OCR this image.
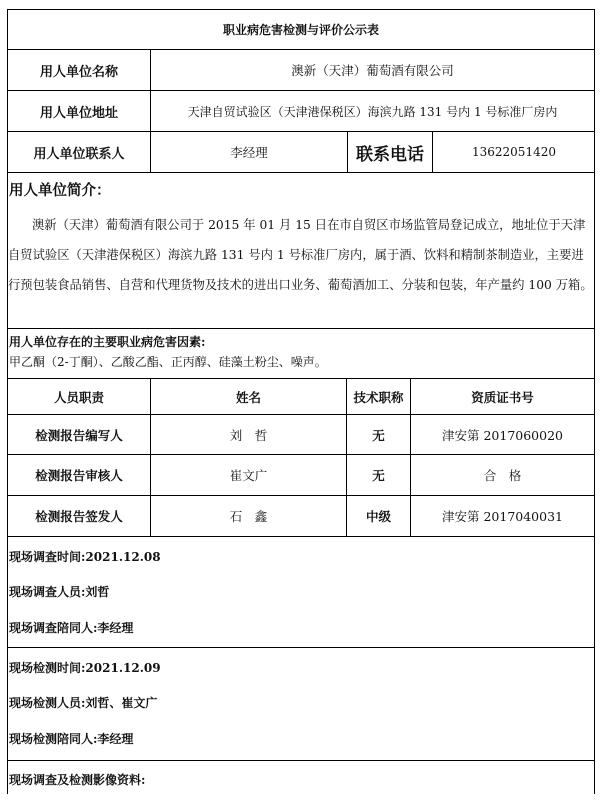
职业病危害检测与评价公示表
用人单位名称	澳新（天津）葡萄酒有限公司
用人单位地址	天津自贸试验区（天津港保税区）海滨九路 131 号内 1 号标准厂房内
用人单位联系人	李经理	联系电话	13622051420
用人单位简介：
澳新（天津）葡萄酒有限公司于 2015 年 01 月 15 日在市自贸区市场监管局登记成立，地址位于天津
自贸试验区（天津港保税区）海滨九路 131 号内 1 号标准厂房内，属于酒、饮料和精制茶制造业，主要进
行预包装食品销售、自营和代理货物及技术的进出口业务、葡萄酒加工、分装和包装，年产量约 100 万箱。
用人单位存在的主要职业病危害因素:
甲乙酮（2-丁酮）、乙酸乙酯、正丙醇、硅藻土粉尘、噪声。
人员职责	姓名	技术职称	资质证书号
检测报告编写人	刘　哲	无	津安第 2017060020
检测报告审核人	崔文广	无	合　格
检测报告签发人	石　鑫	中级	津安第 2017040031
现场调查时间:2021.12.08
现场调查人员:刘哲
现场调查陪同人:李经理
现场检测时间:2021.12.09
现场检测人员:刘哲、崔文广
现场检测陪同人:李经理
现场调查及检测影像资料:
